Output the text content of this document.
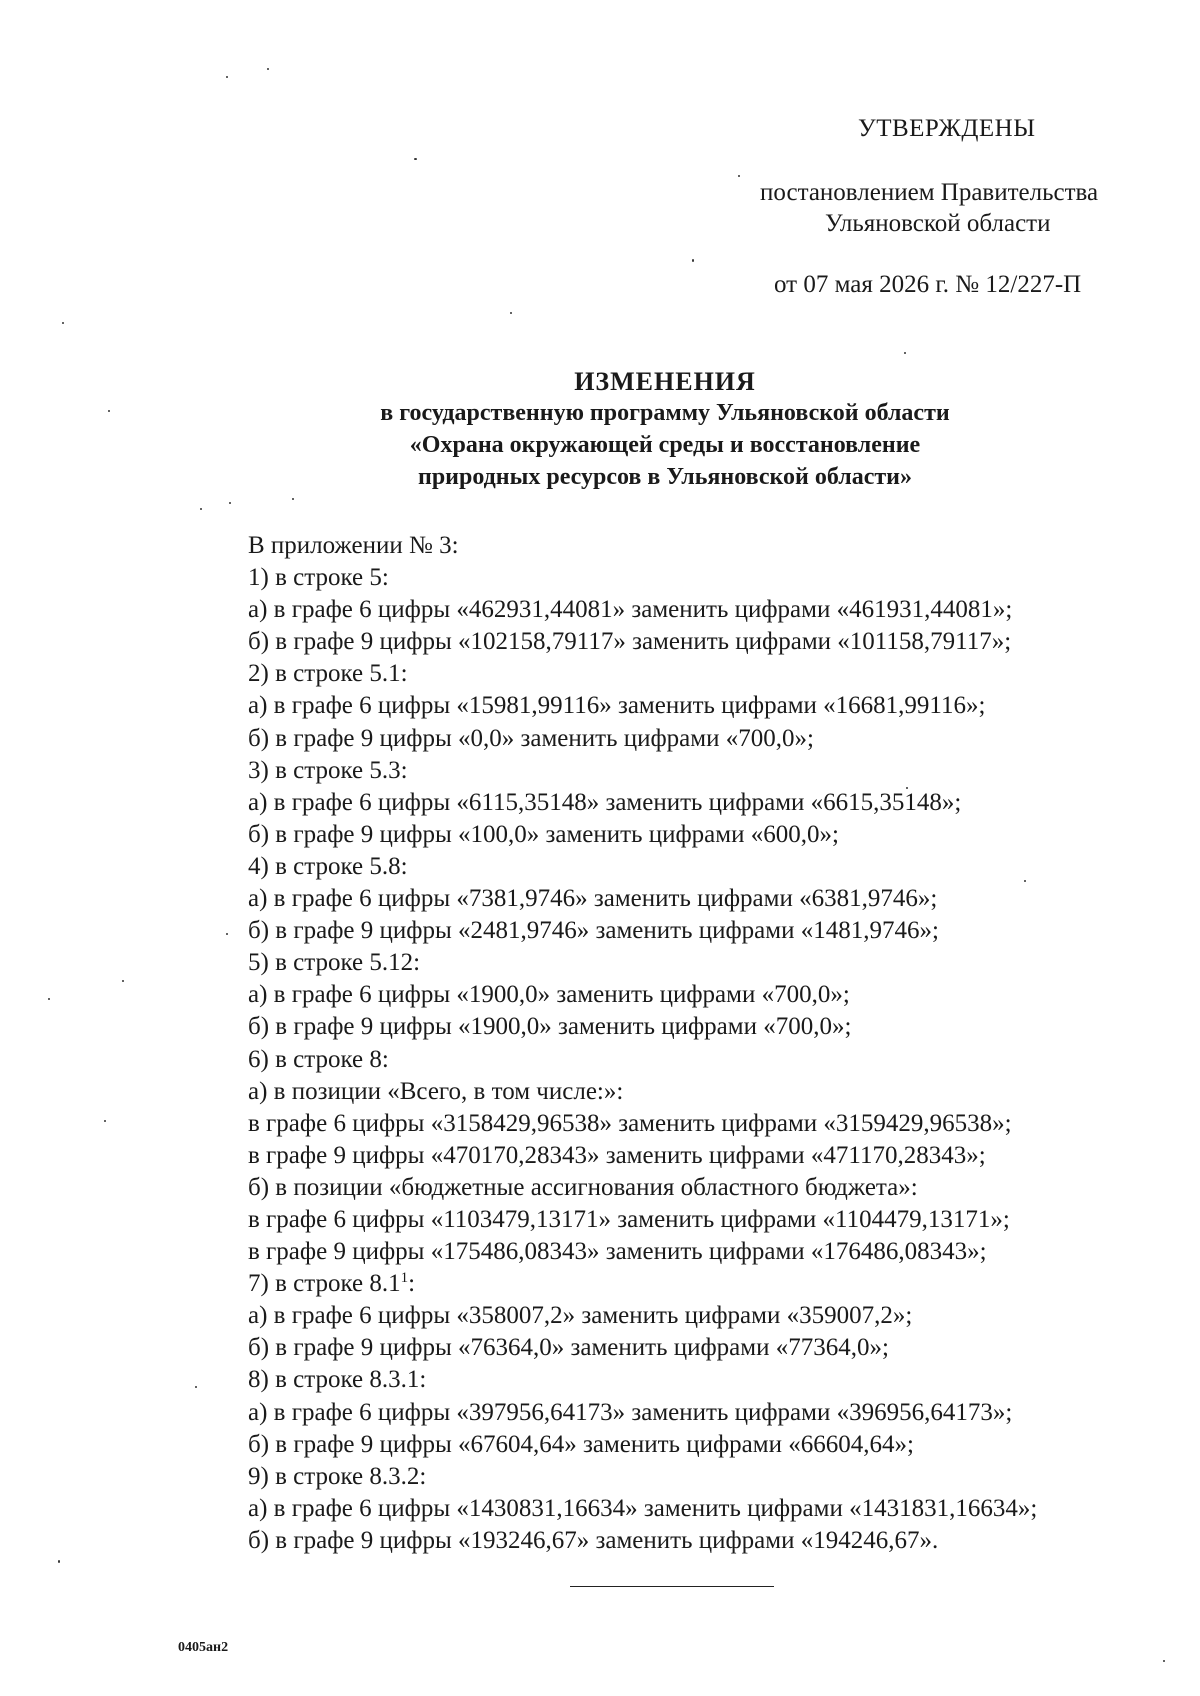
УТВЕРЖДЕНЫ
постановлением Правительства
Ульяновской области
от 07 мая 2026 г. № 12/227-П
ИЗМЕНЕНИЯ
в государственную программу Ульяновской области
«Охрана окружающей среды и восстановление
природных ресурсов в Ульяновской области»
В приложении № 3:
1) в строке 5:
а) в графе 6 цифры «462931,44081» заменить цифрами «461931,44081»;
б) в графе 9 цифры «102158,79117» заменить цифрами «101158,79117»;
2) в строке 5.1:
а) в графе 6 цифры «15981,99116» заменить цифрами «16681,99116»;
б) в графе 9 цифры «0,0» заменить цифрами «700,0»;
3) в строке 5.3:
а) в графе 6 цифры «6115,35148» заменить цифрами «6615,35148»;
б) в графе 9 цифры «100,0» заменить цифрами «600,0»;
4) в строке 5.8:
а) в графе 6 цифры «7381,9746» заменить цифрами «6381,9746»;
б) в графе 9 цифры «2481,9746» заменить цифрами «1481,9746»;
5) в строке 5.12:
а) в графе 6 цифры «1900,0» заменить цифрами «700,0»;
б) в графе 9 цифры «1900,0» заменить цифрами «700,0»;
6) в строке 8:
а) в позиции «Всего, в том числе:»:
в графе 6 цифры «3158429,96538» заменить цифрами «3159429,96538»;
в графе 9 цифры «470170,28343» заменить цифрами «471170,28343»;
б) в позиции «бюджетные ассигнования областного бюджета»:
в графе 6 цифры «1103479,13171» заменить цифрами «1104479,13171»;
в графе 9 цифры «175486,08343» заменить цифрами «176486,08343»;
7) в строке $8.1^1$:
а) в графе 6 цифры «358007,2» заменить цифрами «359007,2»;
б) в графе 9 цифры «76364,0» заменить цифрами «77364,0»;
8) в строке 8.3.1:
а) в графе 6 цифры «397956,64173» заменить цифрами «396956,64173»;
б) в графе 9 цифры «67604,64» заменить цифрами «66604,64»;
9) в строке 8.3.2:
а) в графе 6 цифры «1430831,16634» заменить цифрами «1431831,16634»;
б) в графе 9 цифры «193246,67» заменить цифрами «194246,67».
0405ан2
